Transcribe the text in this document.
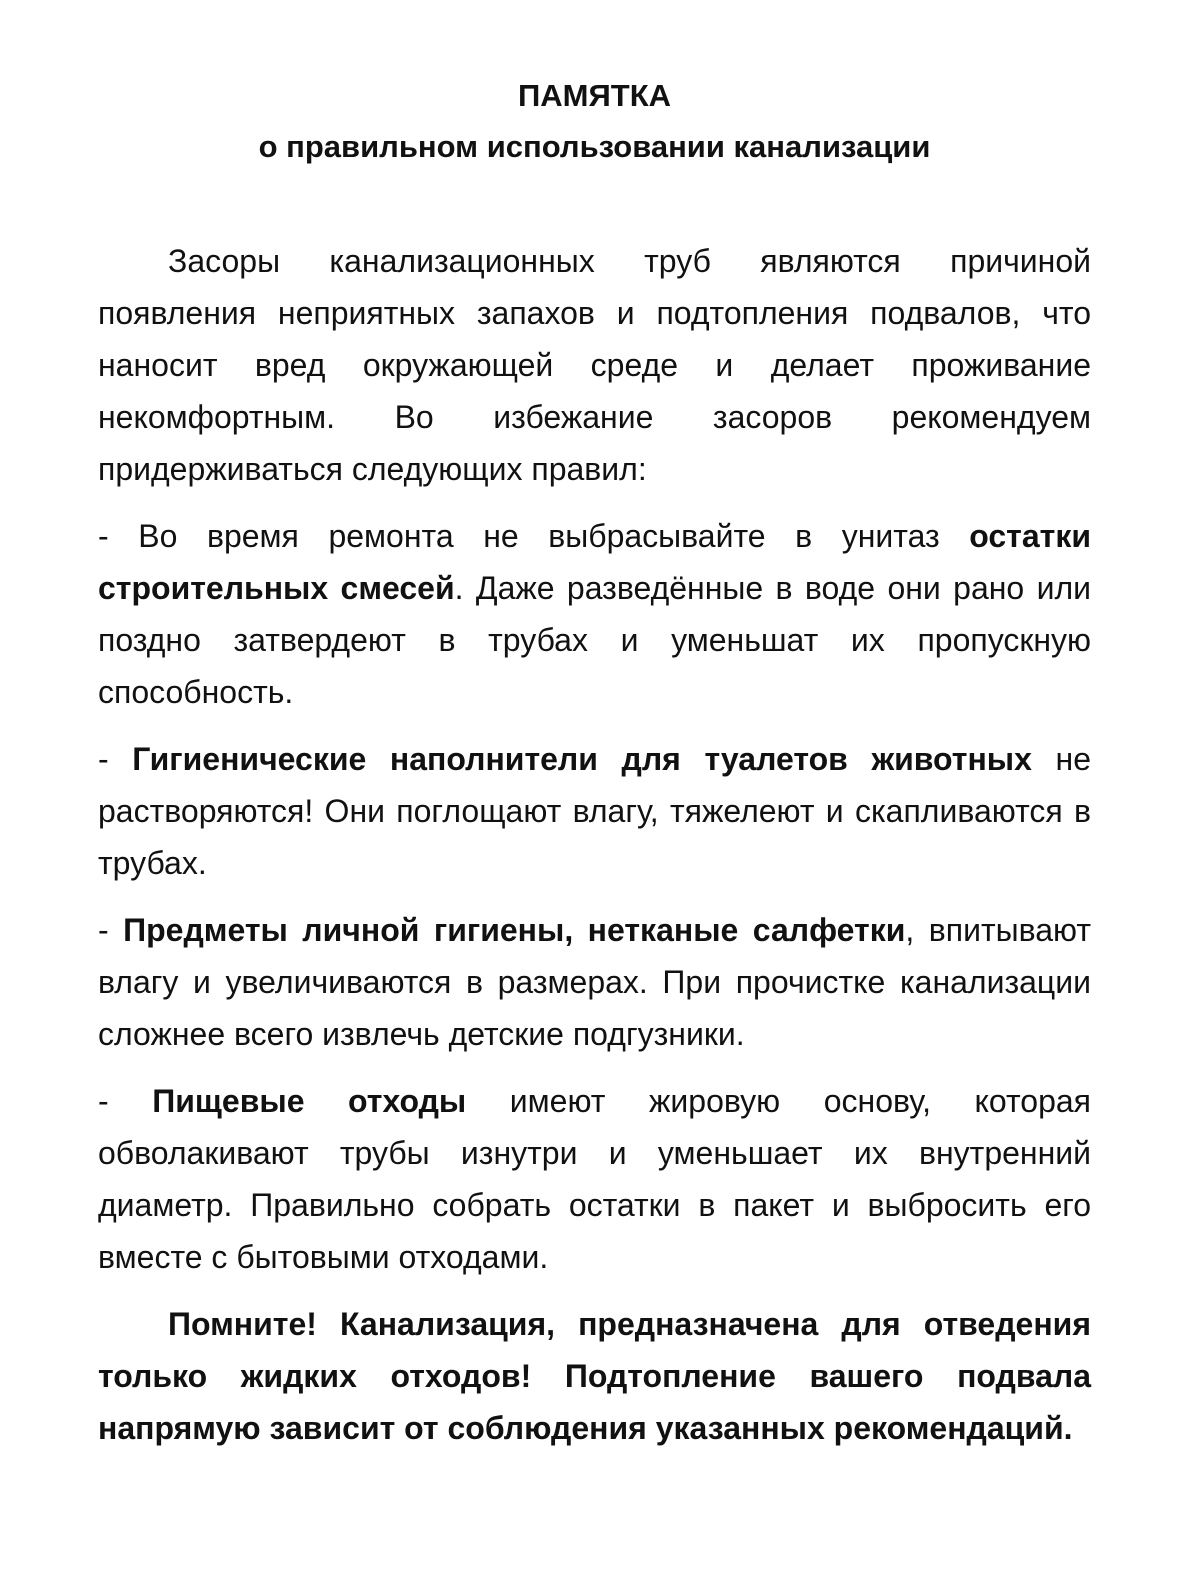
ПАМЯТКА
о правильном использовании канализации

Засоры канализационных труб являются причиной появления неприятных запахов и подтопления подвалов, что наносит вред окружающей среде и делает проживание некомфортным. Во избежание засоров рекомендуем придерживаться следующих правил:

- Во время ремонта не выбрасывайте в унитаз остатки строительных смесей. Даже разведённые в воде они рано или поздно затвердеют в трубах и уменьшат их пропускную способность.

- Гигиенические наполнители для туалетов животных не растворяются! Они поглощают влагу, тяжелеют и скапливаются в трубах.

- Предметы личной гигиены, нетканые салфетки, впитывают влагу и увеличиваются в размерах. При прочистке канализации сложнее всего извлечь детские подгузники.

- Пищевые отходы имеют жировую основу, которая обволакивают трубы изнутри и уменьшает их внутренний диаметр. Правильно собрать остатки в пакет и выбросить его вместе с бытовыми отходами.

Помните! Канализация, предназначена для отведения только жидких отходов! Подтопление вашего подвала напрямую зависит от соблюдения указанных рекомендаций.
